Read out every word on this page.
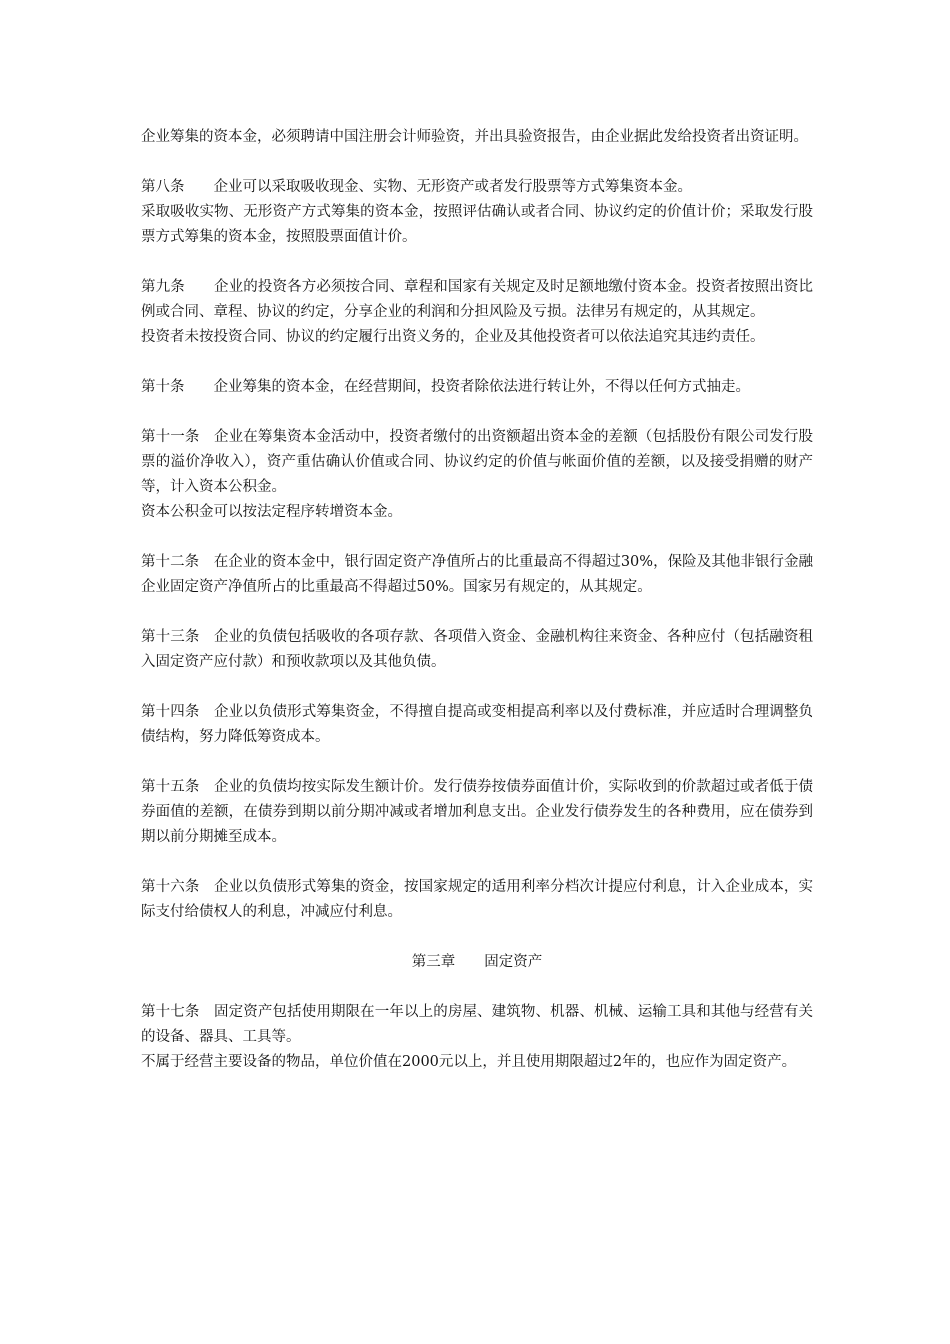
企业筹集的资本金，必须聘请中国注册会计师验资，并出具验资报告，由企业据此发给投资者出资证明。

第八条　　企业可以采取吸收现金、实物、无形资产或者发行股票等方式筹集资本金。
采取吸收实物、无形资产方式筹集的资本金，按照评估确认或者合同、协议约定的价值计价；采取发行股票方式筹集的资本金，按照股票面值计价。

第九条　　企业的投资各方必须按合同、章程和国家有关规定及时足额地缴付资本金。投资者按照出资比例或合同、章程、协议的约定，分享企业的利润和分担风险及亏损。法律另有规定的，从其规定。
投资者未按投资合同、协议的约定履行出资义务的，企业及其他投资者可以依法追究其违约责任。

第十条　　企业筹集的资本金，在经营期间，投资者除依法进行转让外，不得以任何方式抽走。

第十一条　企业在筹集资本金活动中，投资者缴付的出资额超出资本金的差额（包括股份有限公司发行股票的溢价净收入），资产重估确认价值或合同、协议约定的价值与帐面价值的差额，以及接受捐赠的财产等，计入资本公积金。
资本公积金可以按法定程序转增资本金。

第十二条　在企业的资本金中，银行固定资产净值所占的比重最高不得超过30%，保险及其他非银行金融企业固定资产净值所占的比重最高不得超过50%。国家另有规定的，从其规定。

第十三条　企业的负债包括吸收的各项存款、各项借入资金、金融机构往来资金、各种应付（包括融资租入固定资产应付款）和预收款项以及其他负债。

第十四条　企业以负债形式筹集资金，不得擅自提高或变相提高利率以及付费标准，并应适时合理调整负债结构，努力降低筹资成本。

第十五条　企业的负债均按实际发生额计价。发行债券按债券面值计价，实际收到的价款超过或者低于债券面值的差额，在债券到期以前分期冲减或者增加利息支出。企业发行债券发生的各种费用，应在债券到期以前分期摊至成本。

第十六条　企业以负债形式筹集的资金，按国家规定的适用利率分档次计提应付利息，计入企业成本，实际支付给债权人的利息，冲减应付利息。

第三章　　固定资产

第十七条　固定资产包括使用期限在一年以上的房屋、建筑物、机器、机械、运输工具和其他与经营有关的设备、器具、工具等。
不属于经营主要设备的物品，单位价值在2000元以上，并且使用期限超过2年的，也应作为固定资产。
